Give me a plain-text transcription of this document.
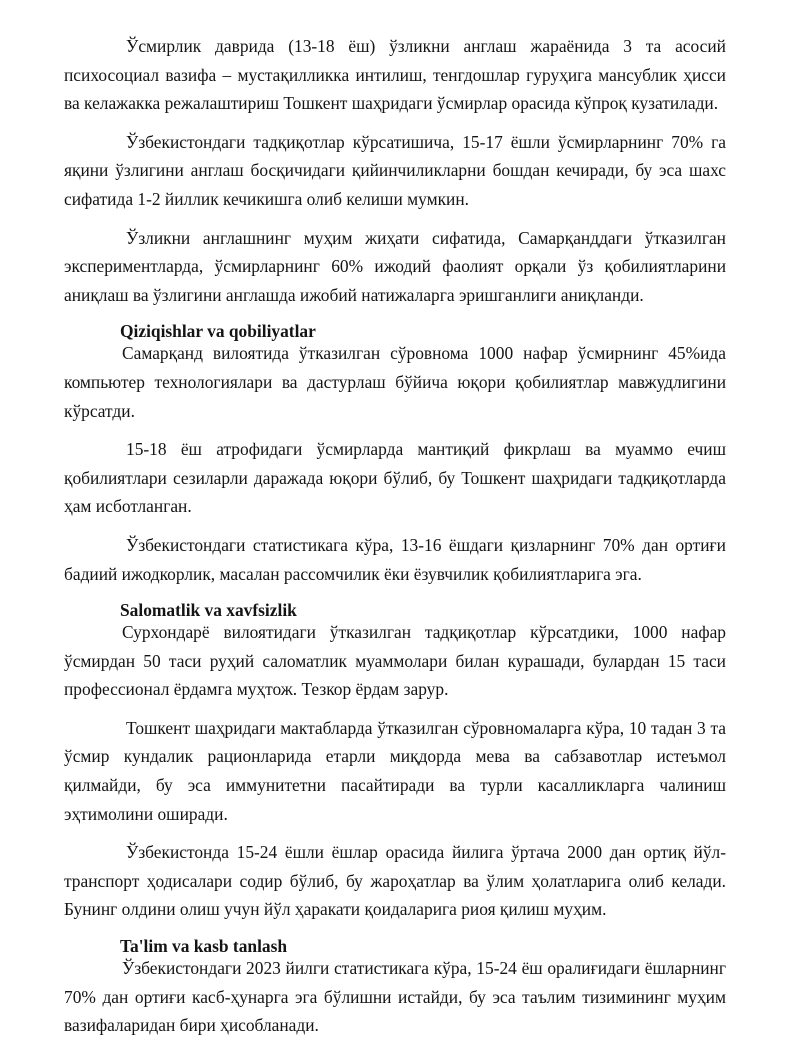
Ўсмирлик даврида (13-18 ёш) ўзликни англаш жараёнида 3 та асосий психосоциал вазифа – мустақилликка интилиш, тенгдошлар гуруҳига мансублик ҳисси ва келажакка режалаштириш Тошкент шаҳридаги ўсмирлар орасида кўпроқ кузатилади.

Ўзбекистондаги тадқиқотлар кўрсатишича, 15-17 ёшли ўсмирларнинг 70% га яқини ўзлигини англаш босқичидаги қийинчиликларни бошдан кечиради, бу эса шахс сифатида 1-2 йиллик кечикишга олиб келиши мумкин.

Ўзликни англашнинг муҳим жиҳати сифатида, Самарқанддаги ўтказилган экспериментларда, ўсмирларнинг 60% ижодий фаолият орқали ўз қобилиятларини аниқлаш ва ўзлигини англашда ижобий натижаларга эришганлиги аниқланди.

Qiziqishlar va qobiliyatlar

Самарқанд вилоятида ўтказилган сўровнома 1000 нафар ўсмирнинг 45%ида компьютер технологиялари ва дастурлаш бўйича юқори қобилиятлар мавжудлигини кўрсатди.

15-18 ёш атрофидаги ўсмирларда мантиқий фикрлаш ва муаммо ечиш қобилиятлари сезиларли даражада юқори бўлиб, бу Тошкент шаҳридаги тадқиқотларда ҳам исботланган.

Ўзбекистондаги статистикага кўра, 13-16 ёшдаги қизларнинг 70% дан ортиғи бадиий ижодкорлик, масалан рассомчилик ёки ёзувчилик қобилиятларига эга.

Salomatlik va xavfsizlik

Сурхондарё вилоятидаги ўтказилган тадқиқотлар кўрсатдики, 1000 нафар ўсмирдан 50 таси руҳий саломатлик муаммолари билан курашади, булардан 15 таси профессионал ёрдамга муҳтож. Тезкор ёрдам зарур.

Тошкент шаҳридаги мактабларда ўтказилган сўровномаларга кўра, 10 тадан 3 та ўсмир кундалик рационларида етарли миқдорда мева ва сабзавотлар истеъмол қилмайди, бу эса иммунитетни пасайтиради ва турли касалликларга чалиниш эҳтимолини оширади.

Ўзбекистонда 15-24 ёшли ёшлар орасида йилига ўртача 2000 дан ортиқ йўл-транспорт ҳодисалари содир бўлиб, бу жароҳатлар ва ўлим ҳолатларига олиб келади. Бунинг олдини олиш учун йўл ҳаракати қоидаларига риоя қилиш муҳим.

Ta'lim va kasb tanlash

Ўзбекистондаги 2023 йилги статистикага кўра, 15-24 ёш оралиғидаги ёшларнинг 70% дан ортиғи касб-ҳунарга эга бўлишни истайди, бу эса таълим тизимининг муҳим вазифаларидан бири ҳисобланади.
